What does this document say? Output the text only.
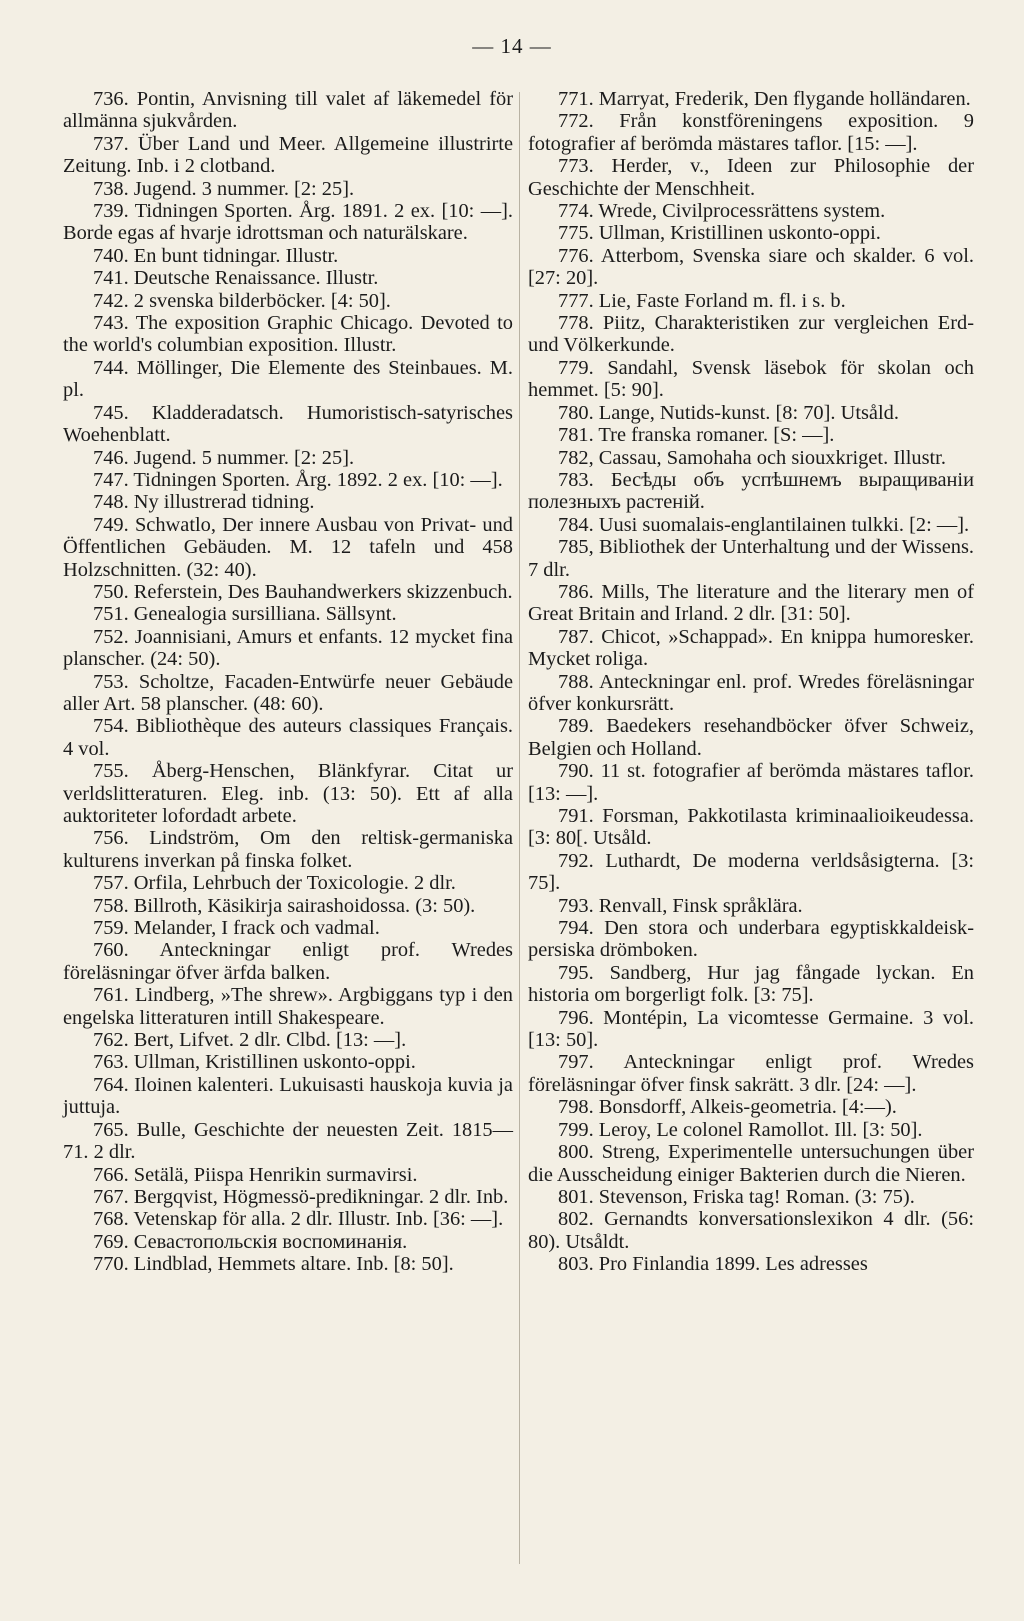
— 14 —

736. Pontin, Anvisning till valet af läkemedel för allmänna sjukvården.

737. Über Land und Meer. Allgemeine illustrirte Zeitung. Inb. i 2 clotband.

738. Jugend. 3 nummer. [2: 25].

739. Tidningen Sporten. Årg. 1891. 2 ex. [10: —]. Borde egas af hvarje idrottsman och naturälskare.

740. En bunt tidningar. Illustr.

741. Deutsche Renaissance. Illustr.

742. 2 svenska bilderböcker. [4: 50].

743. The exposition Graphic Chicago. Devoted to the world's columbian exposition. Illustr.

744. Möllinger, Die Elemente des Steinbaues. M. pl.

745. Kladderadatsch. Humoristisch-satyrisches Woehenblatt.

746. Jugend. 5 nummer. [2: 25].

747. Tidningen Sporten. Årg. 1892. 2 ex. [10: —].

748. Ny illustrerad tidning.

749. Schwatlo, Der innere Ausbau von Privat- und Öffentlichen Gebäuden. M. 12 tafeln und 458 Holzschnitten. (32: 40).

750. Referstein, Des Bauhandwerkers skizzenbuch.

751. Genealogia sursilliana. Sällsynt.

752. Joannisiani, Amurs et enfants. 12 mycket fina planscher. (24: 50).

753. Scholtze, Facaden-Entwürfe neuer Gebäude aller Art. 58 planscher. (48: 60).

754. Bibliothèque des auteurs classiques Français. 4 vol.

755. Åberg-Henschen, Blänkfyrar. Citat ur verldslitteraturen. Eleg. inb. (13: 50). Ett af alla auktoriteter lofordadt arbete.

756. Lindström, Om den reltisk-germaniska kulturens inverkan på finska folket.

757. Orfila, Lehrbuch der Toxicologie. 2 dlr.

758. Billroth, Käsikirja sairashoidossa. (3: 50).

759. Melander, I frack och vadmal.

760. Anteckningar enligt prof. Wredes föreläsningar öfver ärfda balken.

761. Lindberg, »The shrew». Argbiggans typ i den engelska litteraturen intill Shakespeare.

762. Bert, Lifvet. 2 dlr. Clbd. [13: —].

763. Ullman, Kristillinen uskonto-oppi.

764. Iloinen kalenteri. Lukuisasti hauskoja kuvia ja juttuja.

765. Bulle, Geschichte der neuesten Zeit. 1815—71. 2 dlr.

766. Setälä, Piispa Henrikin surmavirsi.

767. Bergqvist, Högmessö-predikningar. 2 dlr. Inb.

768. Vetenskap för alla. 2 dlr. Illustr. Inb. [36: —].

769. Севастопольскія воспоминанія.

770. Lindblad, Hemmets altare. Inb. [8: 50].

771. Marryat, Frederik, Den flygande holländaren.

772. Från konstföreningens exposition. 9 fotografier af berömda mästares taflor. [15: —].

773. Herder, v., Ideen zur Philosophie der Geschichte der Menschheit.

774. Wrede, Civilprocessrättens system.

775. Ullman, Kristillinen uskonto-oppi.

776. Atterbom, Svenska siare och skalder. 6 vol. [27: 20].

777. Lie, Faste Forland m. fl. i s. b.

778. Piitz, Charakteristiken zur vergleichen Erd- und Völkerkunde.

779. Sandahl, Svensk läsebok för skolan och hemmet. [5: 90].

780. Lange, Nutids-kunst. [8: 70]. Utsåld.

781. Tre franska romaner. [S: —].

782, Cassau, Samohaha och siouxkriget. Illustr.

783. Бесѣды объ успѣшнемъ выращиваніи полезныхъ растеній.

784. Uusi suomalais-englantilainen tulkki. [2: —].

785, Bibliothek der Unterhaltung und der Wissens. 7 dlr.

786. Mills, The literature and the literary men of Great Britain and Irland. 2 dlr. [31: 50].

787. Chicot, »Schappad». En knippa humoresker. Mycket roliga.

788. Anteckningar enl. prof. Wredes föreläsningar öfver konkursrätt.

789. Baedekers resehandböcker öfver Schweiz, Belgien och Holland.

790. 11 st. fotografier af berömda mästares taflor. [13: —].

791. Forsman, Pakkotilasta kriminaalioikeudessa. [3: 80[. Utsåld.

792. Luthardt, De moderna verldsåsigterna. [3: 75].

793. Renvall, Finsk språklära.

794. Den stora och underbara egyptiskkaldeisk-persiska drömboken.

795. Sandberg, Hur jag fångade lyckan. En historia om borgerligt folk. [3: 75].

796. Montépin, La vicomtesse Germaine. 3 vol. [13: 50].

797. Anteckningar enligt prof. Wredes föreläsningar öfver finsk sakrätt. 3 dlr. [24: —].

798. Bonsdorff, Alkeis-geometria. [4:—).

799. Leroy, Le colonel Ramollot. Ill. [3: 50].

800. Streng, Experimentelle untersuchungen über die Ausscheidung einiger Bakterien durch die Nieren.

801. Stevenson, Friska tag! Roman. (3: 75).

802. Gernandts konversationslexikon 4 dlr. (56: 80). Utsåldt.

803. Pro Finlandia 1899. Les adresses
